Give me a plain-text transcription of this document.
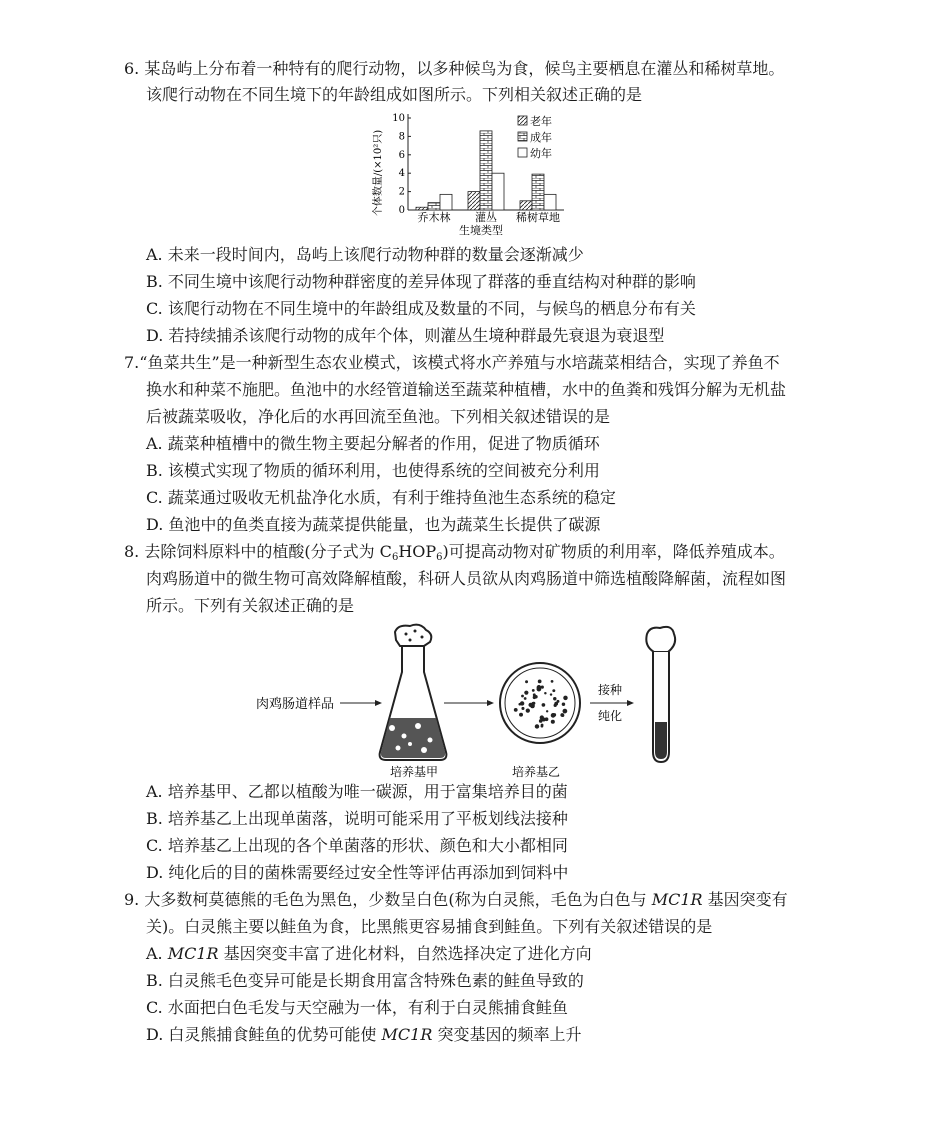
6. 某岛屿上分布着一种特有的爬行动物，以多种候鸟为食，候鸟主要栖息在灌丛和稀树草地。
该爬行动物在不同生境下的年龄组成如图所示。下列相关叙述正确的是
0
2
4
6
8
10
乔木林 灌丛 稀树草地
老年
成年
幼年
个体数量/(×10²只)
生境类型
A. 未来一段时间内，岛屿上该爬行动物种群的数量会逐渐减少
B. 不同生境中该爬行动物种群密度的差异体现了群落的垂直结构对种群的影响
C. 该爬行动物在不同生境中的年龄组成及数量的不同，与候鸟的栖息分布有关
D. 若持续捕杀该爬行动物的成年个体，则灌丛生境种群最先衰退为衰退型
7.“鱼菜共生”是一种新型生态农业模式，该模式将水产养殖与水培蔬菜相结合，实现了养鱼不
换水和种菜不施肥。鱼池中的水经管道输送至蔬菜种植槽，水中的鱼粪和残饵分解为无机盐
后被蔬菜吸收，净化后的水再回流至鱼池。下列相关叙述错误的是
A. 蔬菜种植槽中的微生物主要起分解者的作用，促进了物质循环
B. 该模式实现了物质的循环利用，也使得系统的空间被充分利用
C. 蔬菜通过吸收无机盐净化水质，有利于维持鱼池生态系统的稳定
D. 鱼池中的鱼类直接为蔬菜提供能量，也为蔬菜生长提供了碳源
8. 去除饲料原料中的植酸(分子式为 $C_6HOP_6$)可提高动物对矿物质的利用率，降低养殖成本。
肉鸡肠道中的微生物可高效降解植酸，科研人员欲从肉鸡肠道中筛选植酸降解菌，流程如图
所示。下列有关叙述正确的是
肉鸡肠道样品
培养基甲	培养基乙
接种
纯化
A. 培养基甲、乙都以植酸为唯一碳源，用于富集培养目的菌
B. 培养基乙上出现单菌落，说明可能采用了平板划线法接种
C. 培养基乙上出现的各个单菌落的形状、颜色和大小都相同
D. 纯化后的目的菌株需要经过安全性等评估再添加到饲料中
9. 大多数柯莫德熊的毛色为黑色，少数呈白色(称为白灵熊，毛色为白色与 MC1R 基因突变有
关)。白灵熊主要以鲑鱼为食，比黑熊更容易捕食到鲑鱼。下列有关叙述错误的是
A. MC1R 基因突变丰富了进化材料，自然选择决定了进化方向
B. 白灵熊毛色变异可能是长期食用富含特殊色素的鲑鱼导致的
C. 水面把白色毛发与天空融为一体，有利于白灵熊捕食鲑鱼
D. 白灵熊捕食鲑鱼的优势可能使 MC1R 突变基因的频率上升
